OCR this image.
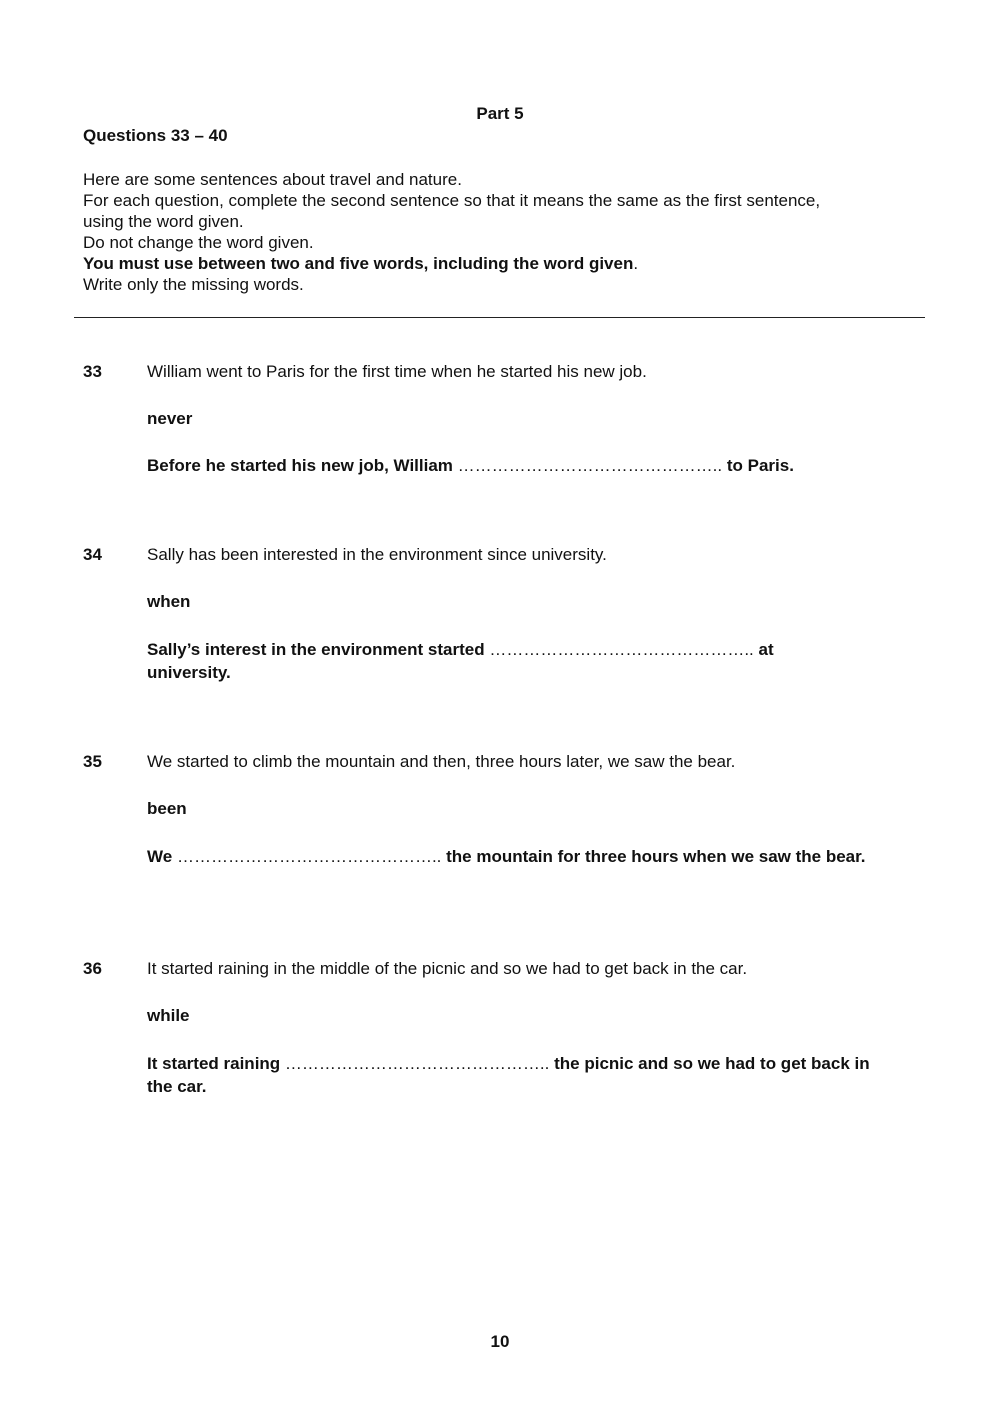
Part 5
Questions 33 – 40
Here are some sentences about travel and nature.
For each question, complete the second sentence so that it means the same as the first sentence,
using the word given.
Do not change the word given.
You must use between two and five words, including the word given.
Write only the missing words.
33	William went to Paris for the first time when he started his new job.
never
Before he started his new job, William ……………………………………….. to Paris.
34	Sally has been interested in the environment since university.
when
Sally’s interest in the environment started ……………………………………….. at university.
35	We started to climb the mountain and then, three hours later, we saw the bear.
been
We ……………………………………….. the mountain for three hours when we saw the bear.
36	It started raining in the middle of the picnic and so we had to get back in the car.
while
It started raining ……………………………………….. the picnic and so we had to get back in the car.
10
